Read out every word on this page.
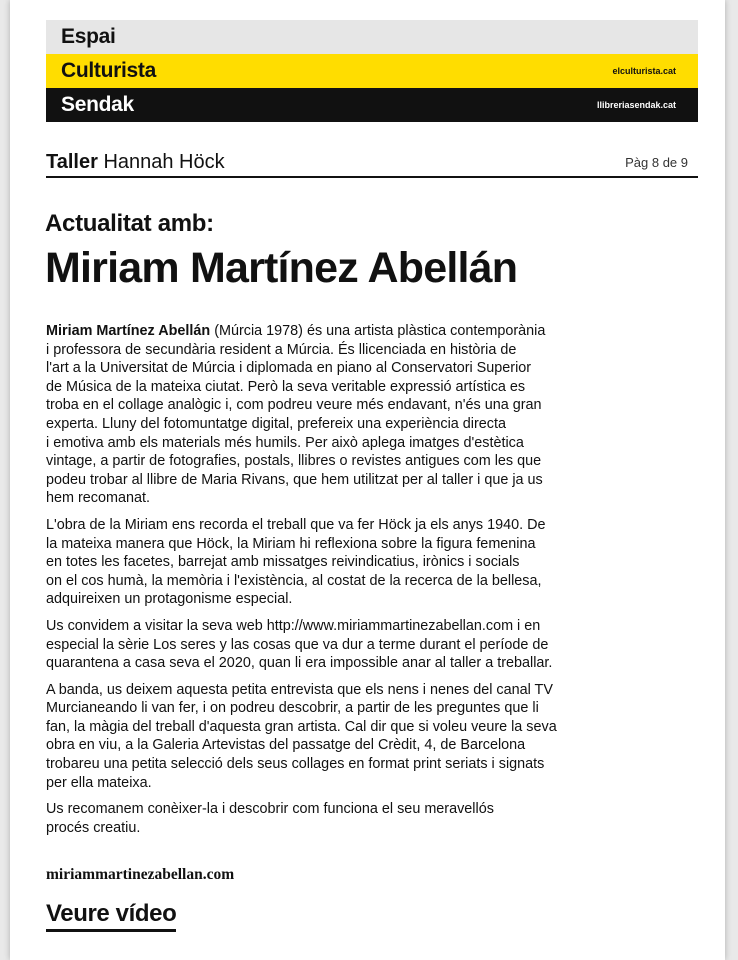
Espai
Culturista	elculturista.cat
Sendak	llibreriasendak.cat
Taller Hannah Höck	Pàg 8 de 9
Actualitat amb:
Miriam Martínez Abellán

Miriam Martínez Abellán (Múrcia 1978) és una artista plàstica contemporània
i professora de secundària resident a Múrcia. És llicenciada en història de
l'art a la Universitat de Múrcia i diplomada en piano al Conservatori Superior
de Música de la mateixa ciutat. Però la seva veritable expressió artística es
troba en el collage analògic i, com podreu veure més endavant, n'és una gran
experta. Lluny del fotomuntatge digital, prefereix una experiència directa
i emotiva amb els materials més humils. Per això aplega imatges d'estètica
vintage, a partir de fotografies, postals, llibres o revistes antigues com les que
podeu trobar al llibre de Maria Rivans, que hem utilitzat per al taller i que ja us
hem recomanat.

L'obra de la Miriam ens recorda el treball que va fer Höck ja els anys 1940. De
la mateixa manera que Höck, la Miriam hi reflexiona sobre la figura femenina
en totes les facetes, barrejat amb missatges reivindicatius, irònics i socials
on el cos humà, la memòria i l'existència, al costat de la recerca de la bellesa,
adquireixen un protagonisme especial.

Us convidem a visitar la seva web http://www.miriammartinezabellan.com i en
especial la sèrie Los seres y las cosas que va dur a terme durant el període de
quarantena a casa seva el 2020, quan li era impossible anar al taller a treballar.

A banda, us deixem aquesta petita entrevista que els nens i nenes del canal TV
Murcianeando li van fer, i on podreu descobrir, a partir de les preguntes que li
fan, la màgia del treball d'aquesta gran artista. Cal dir que si voleu veure la seva
obra en viu, a la Galeria Artevistas del passatge del Crèdit, 4, de Barcelona
trobareu una petita selecció dels seus collages en format print seriats i signats
per ella mateixa.

Us recomanem conèixer-la i descobrir com funciona el seu meravellós
procés creatiu.

miriammartinezabellan.com
Veure vídeo
